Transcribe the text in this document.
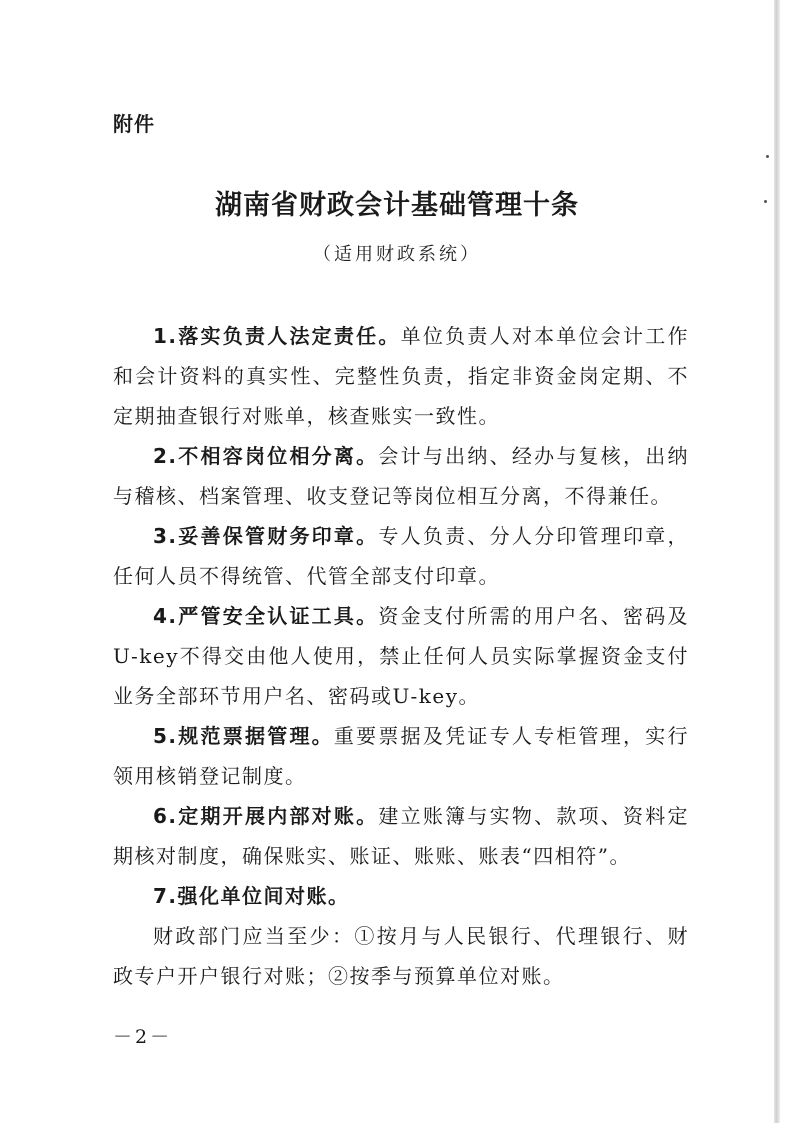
附件
湖南省财政会计基础管理十条
（适用财政系统）

1.落实负责人法定责任。单位负责人对本单位会计工作和会计资料的真实性、完整性负责，指定非资金岗定期、不定期抽查银行对账单，核查账实一致性。

2.不相容岗位相分离。会计与出纳、经办与复核，出纳与稽核、档案管理、收支登记等岗位相互分离，不得兼任。

3.妥善保管财务印章。专人负责、分人分印管理印章，任何人员不得统管、代管全部支付印章。

4.严管安全认证工具。资金支付所需的用户名、密码及U-key不得交由他人使用，禁止任何人员实际掌握资金支付业务全部环节用户名、密码或U-key。

5.规范票据管理。重要票据及凭证专人专柜管理，实行领用核销登记制度。

6.定期开展内部对账。建立账簿与实物、款项、资料定期核对制度，确保账实、账证、账账、账表“四相符”。

7.强化单位间对账。

财政部门应当至少：①按月与人民银行、代理银行、财政专户开户银行对账；②按季与预算单位对账。

－2－
